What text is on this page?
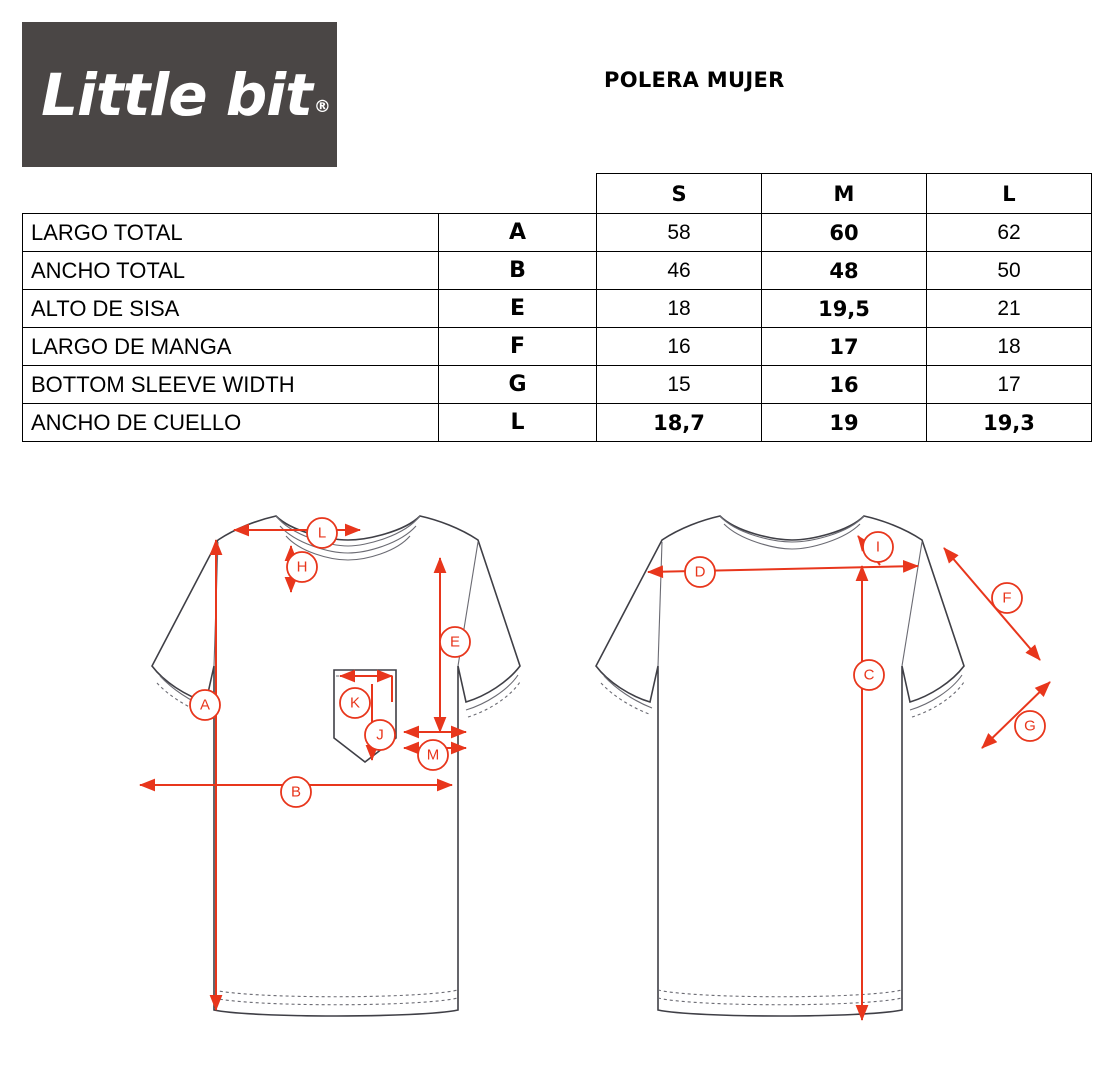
Little bit ®
POLERA MUJER
		S	M	L
LARGO TOTAL	A	58	60	62
ANCHO TOTAL	B	46	48	50
ALTO DE SISA	E	18	19,5	21
LARGO DE MANGA	F	16	17	18
BOTTOM SLEEVE WIDTH	G	15	16	17
ANCHO DE CUELLO	L	18,7	19	19,3
L
H
A
E
K
J
M
B
I
D
F
G
C
